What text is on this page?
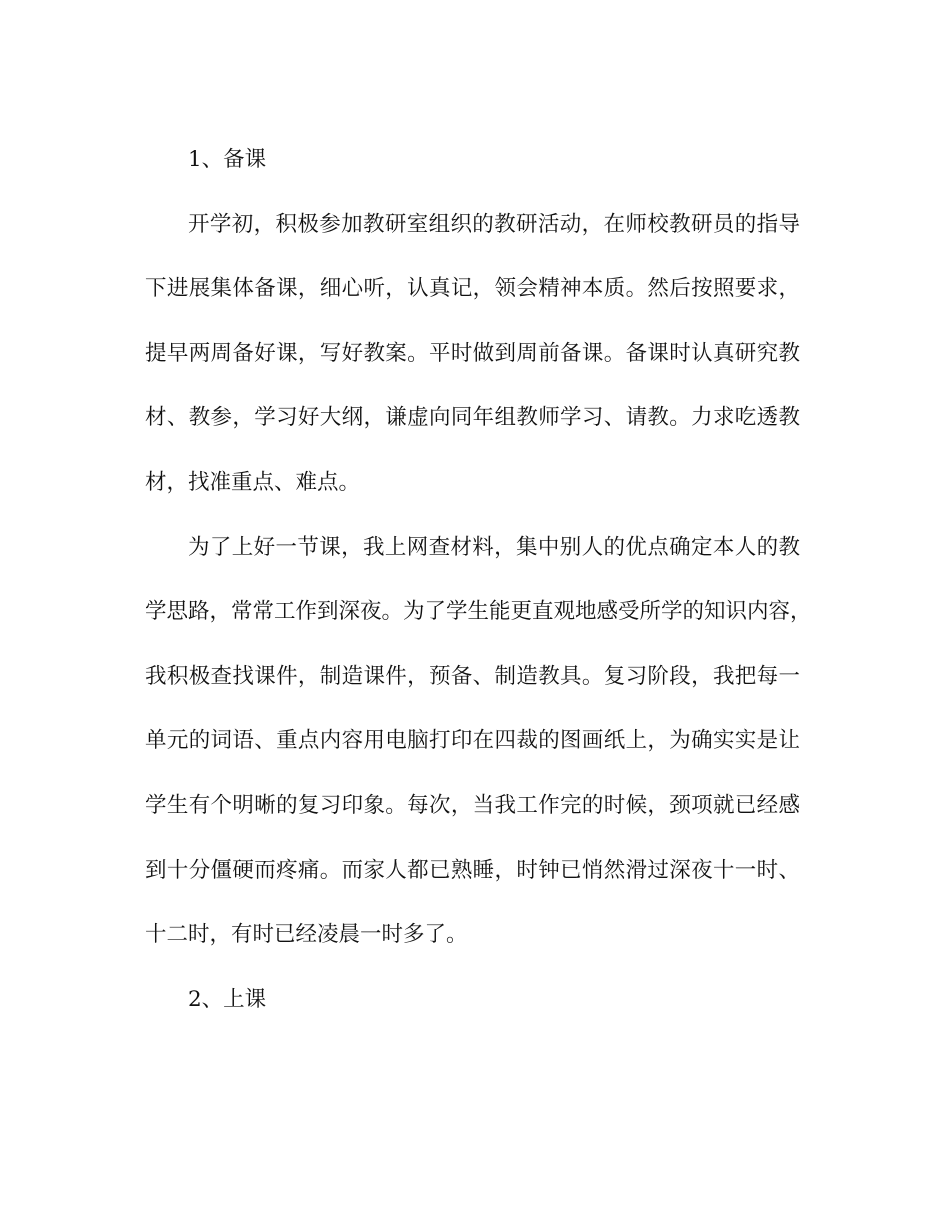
1、备课
开学初，积极参加教研室组织的教研活动，在师校教研员的指导
下进展集体备课，细心听，认真记，领会精神本质。然后按照要求，
提早两周备好课，写好教案。平时做到周前备课。备课时认真研究教
材、教参，学习好大纲，谦虚向同年组教师学习、请教。力求吃透教
材，找准重点、难点。
为了上好一节课，我上网查材料，集中别人的优点确定本人的教
学思路，常常工作到深夜。为了学生能更直观地感受所学的知识内容，
我积极查找课件，制造课件，预备、制造教具。复习阶段，我把每一
单元的词语、重点内容用电脑打印在四裁的图画纸上，为确实实是让
学生有个明晰的复习印象。每次，当我工作完的时候，颈项就已经感
到十分僵硬而疼痛。而家人都已熟睡，时钟已悄然滑过深夜十一时、
十二时，有时已经凌晨一时多了。
2、上课
